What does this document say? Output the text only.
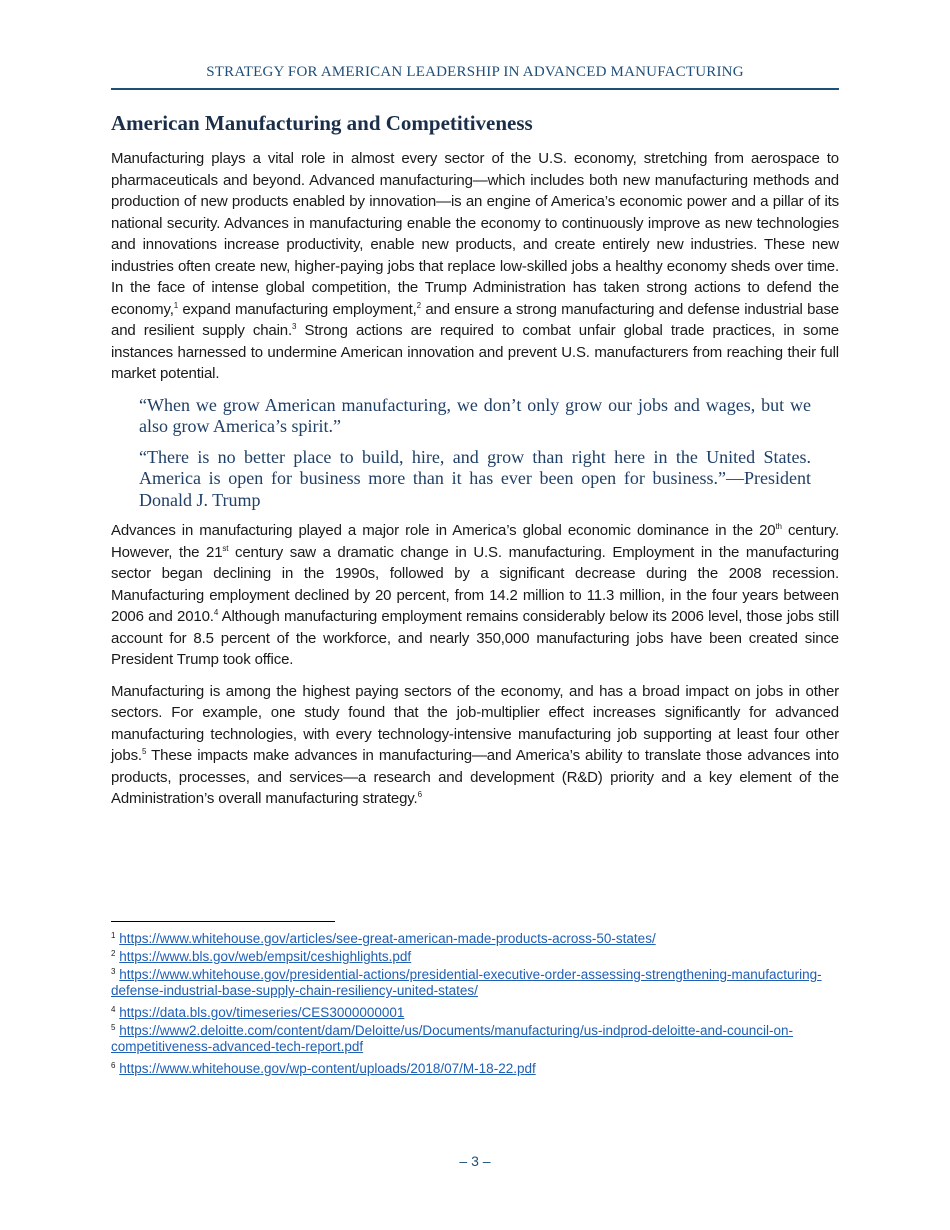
STRATEGY FOR AMERICAN LEADERSHIP IN ADVANCED MANUFACTURING
American Manufacturing and Competitiveness

Manufacturing plays a vital role in almost every sector of the U.S. economy, stretching from aerospace to pharmaceuticals and beyond. Advanced manufacturing—which includes both new manufacturing methods and production of new products enabled by innovation—is an engine of America’s economic power and a pillar of its national security. Advances in manufacturing enable the economy to continuously improve as new technologies and innovations increase productivity, enable new products, and create entirely new industries. These new industries often create new, higher-paying jobs that replace low-skilled jobs a healthy economy sheds over time. In the face of intense global competition, the Trump Administration has taken strong actions to defend the economy,$^1$ expand manufacturing employment,$^2$ and ensure a strong manufacturing and defense industrial base and resilient supply chain.$^3$ Strong actions are required to combat unfair global trade practices, in some instances harnessed to undermine American innovation and prevent U.S. manufacturers from reaching their full market potential.

“When we grow American manufacturing, we don’t only grow our jobs and wages, but we also grow America’s spirit.”

“There is no better place to build, hire, and grow than right here in the United States. America is open for business more than it has ever been open for business.”—President Donald J. Trump

Advances in manufacturing played a major role in America’s global economic dominance in the 20th century. However, the 21st century saw a dramatic change in U.S. manufacturing. Employment in the manufacturing sector began declining in the 1990s, followed by a significant decrease during the 2008 recession. Manufacturing employment declined by 20 percent, from 14.2 million to 11.3 million, in the four years between 2006 and 2010.$^4$ Although manufacturing employment remains considerably below its 2006 level, those jobs still account for 8.5 percent of the workforce, and nearly 350,000 manufacturing jobs have been created since President Trump took office.

Manufacturing is among the highest paying sectors of the economy, and has a broad impact on jobs in other sectors. For example, one study found that the job-multiplier effect increases significantly for advanced manufacturing technologies, with every technology-intensive manufacturing job supporting at least four other jobs.$^5$ These impacts make advances in manufacturing—and America’s ability to translate those advances into products, processes, and services—a research and development (R&D) priority and a key element of the Administration’s overall manufacturing strategy.$^6$

$^1$ https://www.whitehouse.gov/articles/see-great-american-made-products-across-50-states/
$^2$ https://www.bls.gov/web/empsit/ceshighlights.pdf
$^3$ https://www.whitehouse.gov/presidential-actions/presidential-executive-order-assessing-strengthening-manufacturing-defense-industrial-base-supply-chain-resiliency-united-states/
$^4$ https://data.bls.gov/timeseries/CES3000000001
$^5$ https://www2.deloitte.com/content/dam/Deloitte/us/Documents/manufacturing/us-indprod-deloitte-and-council-on-competitiveness-advanced-tech-report.pdf
$^6$ https://www.whitehouse.gov/wp-content/uploads/2018/07/M-18-22.pdf
– 3 –
